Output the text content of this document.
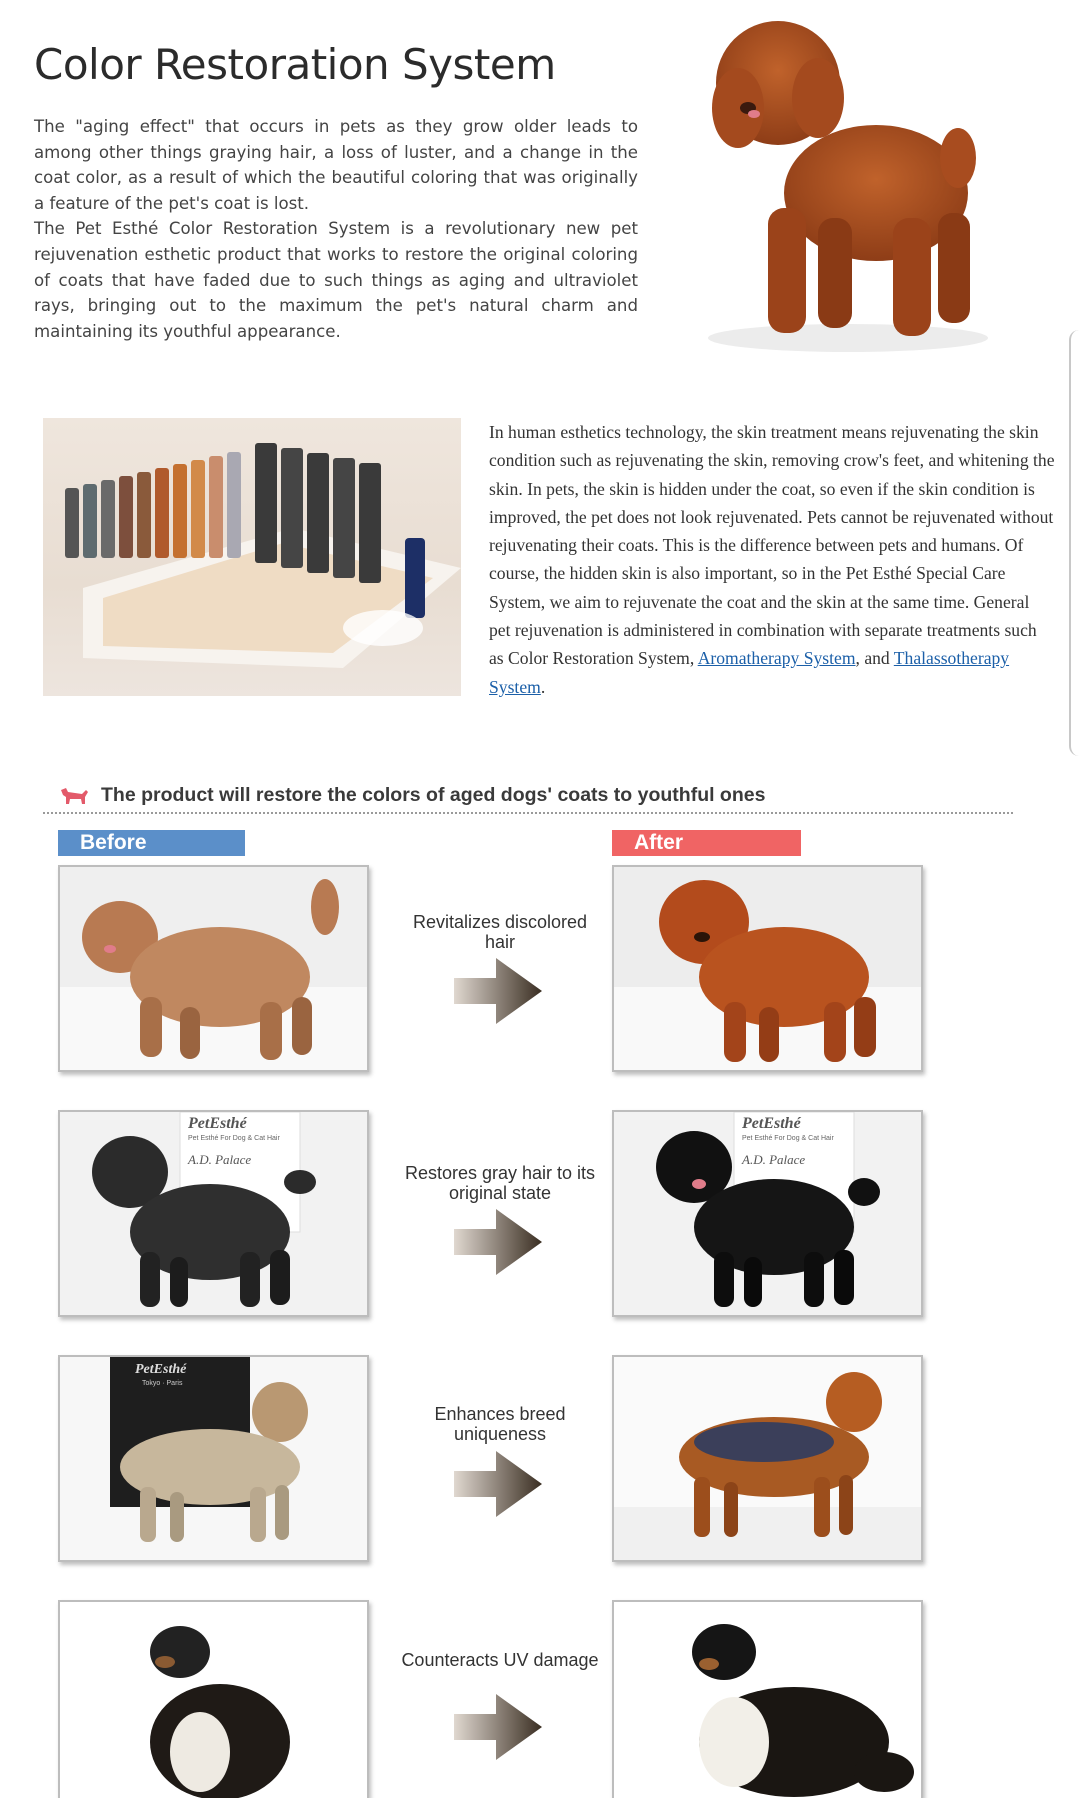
Color Restoration System

The "aging effect" that occurs in pets as they grow older leads to among other things graying hair, a loss of luster, and a change in the coat color, as a result of which the beautiful coloring that was originally a feature of the pet's coat is lost.

The Pet Esthé Color Restoration System is a revolutionary new pet rejuvenation esthetic product that works to restore the original coloring of coats that have faded due to such things as aging and ultraviolet rays, bringing out to the maximum the pet's natural charm and maintaining its youthful appearance.

In human esthetics technology, the skin treatment means rejuvenating the skin condition such as rejuvenating the skin, removing crow's feet, and whitening the skin. In pets, the skin is hidden under the coat, so even if the skin condition is improved, the pet does not look rejuvenated. Pets cannot be rejuvenated without rejuvenating their coats. This is the difference between pets and humans. Of course, the hidden skin is also important, so in the Pet Esthé Special Care System, we aim to rejuvenate the coat and the skin at the same time. General pet rejuvenation is administered in combination with separate treatments such as Color Restoration System, Aromatherapy System, and Thalassotherapy System.
The product will restore the colors of aged dogs' coats to youthful ones
Before	After
Revitalizes discolored hair
PetEsthé
Pet Esthé For Dog & Cat Hair
A.D. Palace
Restores gray hair to its original state
PetEsthé
Pet Esthé For Dog & Cat Hair
A.D. Palace
PetEsthé
Tokyo · Paris
Enhances breed uniqueness
Counteracts UV damage
